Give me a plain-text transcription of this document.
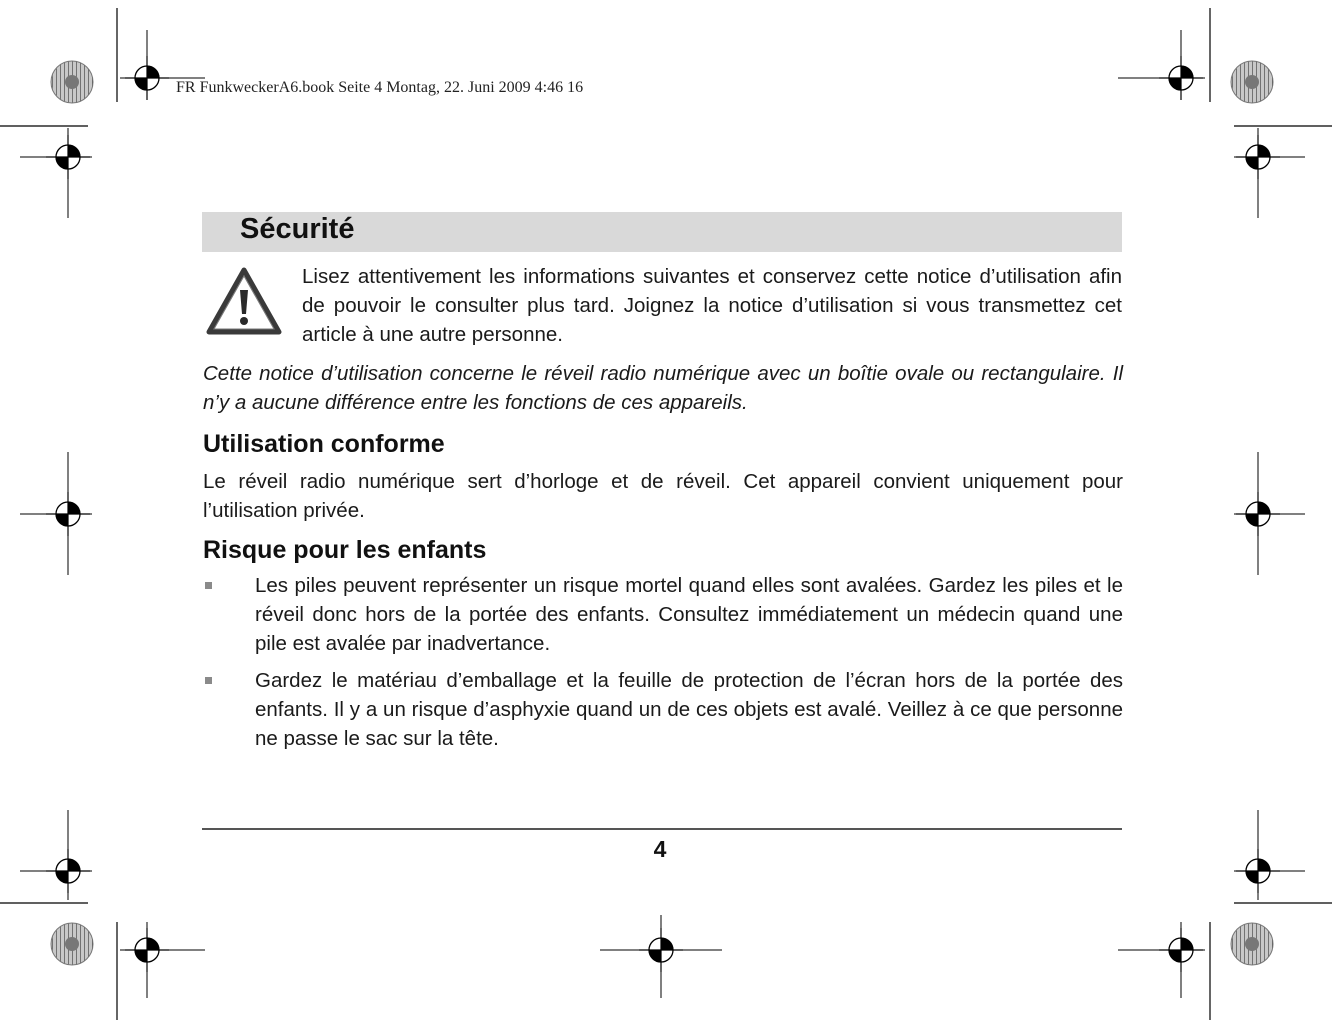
FR FunkweckerA6.book Seite 4 Montag, 22. Juni 2009 4:46 16
Sécurité
Lisez attentivement les informations suivantes et conservez cette notice d’utilisation afin de pouvoir le consulter plus tard. Joignez la notice d’utilisation si vous transmettez cet article à une autre personne.
Cette notice d’utilisation concerne le réveil radio numérique avec un boîtie ovale ou rectangulaire. Il n’y a aucune différence entre les fonctions de ces appareils.
Utilisation conforme
Le réveil radio numérique sert d’horloge et de réveil. Cet appareil convient uniquement pour l’utilisation privée.
Risque pour les enfants
Les piles peuvent représenter un risque mortel quand elles sont avalées. Gardez les piles et le réveil donc hors de la portée des enfants. Consultez immédiatement un médecin quand une pile est avalée par inadvertance.
Gardez le matériau d’emballage et la feuille de protection de l’écran hors de la portée des enfants. Il y a un risque d’asphyxie quand un de ces objets est avalé. Veillez à ce que personne ne passe le sac sur la tête.
4
